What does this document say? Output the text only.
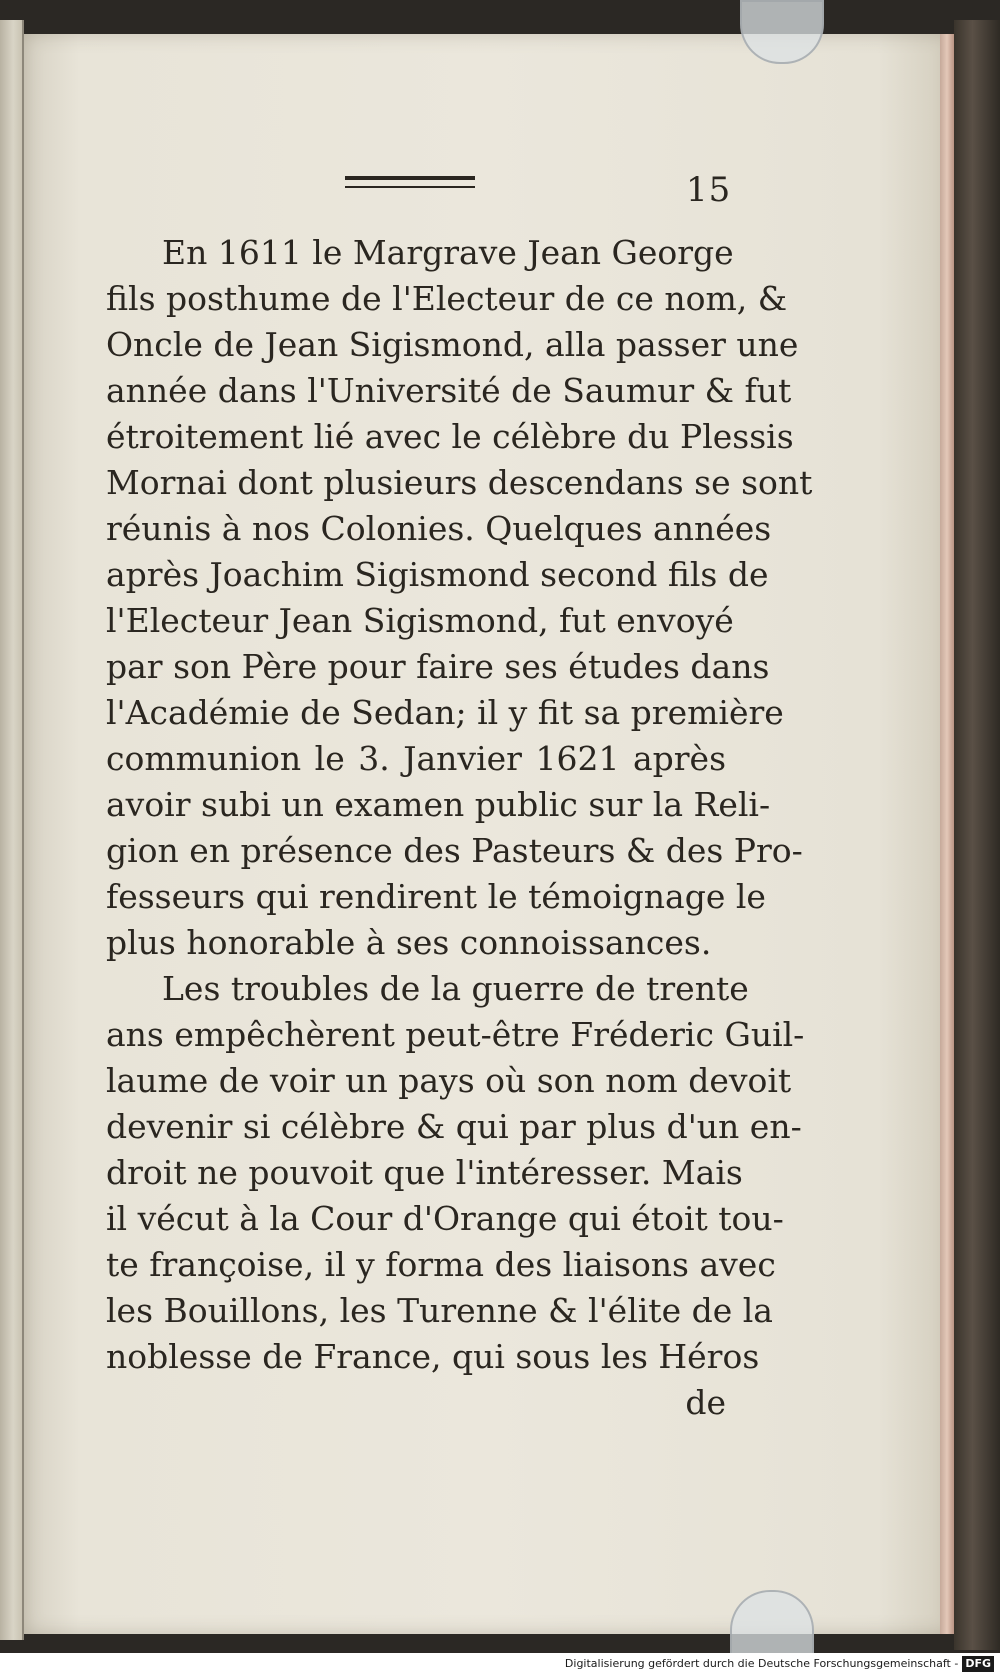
15
En 1611 le Margrave Jean George
fils posthume de l'Electeur de ce nom, &
Oncle de Jean Sigismond, alla passer une
année dans l'Université de Saumur & fut
étroitement lié avec le célèbre du Plessis
Mornai dont plusieurs descendans se sont
réunis à nos Colonies. Quelques années
après Joachim Sigismond second fils de
l'Electeur Jean Sigismond, fut envoyé
par son Père pour faire ses études dans
l'Académie de Sedan; il y fit sa première
communion le 3. Janvier 1621 après
avoir subi un examen public sur la Reli-
gion en présence des Pasteurs & des Pro-
fesseurs qui rendirent le témoignage le
plus honorable à ses connoissances.
Les troubles de la guerre de trente
ans empêchèrent peut-être Fréderic Guil-
laume de voir un pays où son nom devoit
devenir si célèbre & qui par plus d'un en-
droit ne pouvoit que l'intéresser. Mais
il vécut à la Cour d'Orange qui étoit tou-
te françoise, il y forma des liaisons avec
les Bouillons, les Turenne & l'élite de la
noblesse de France, qui sous les Héros
de
Digitalisierung gefördert durch die Deutsche Forschungsgemeinschaft - DFG
